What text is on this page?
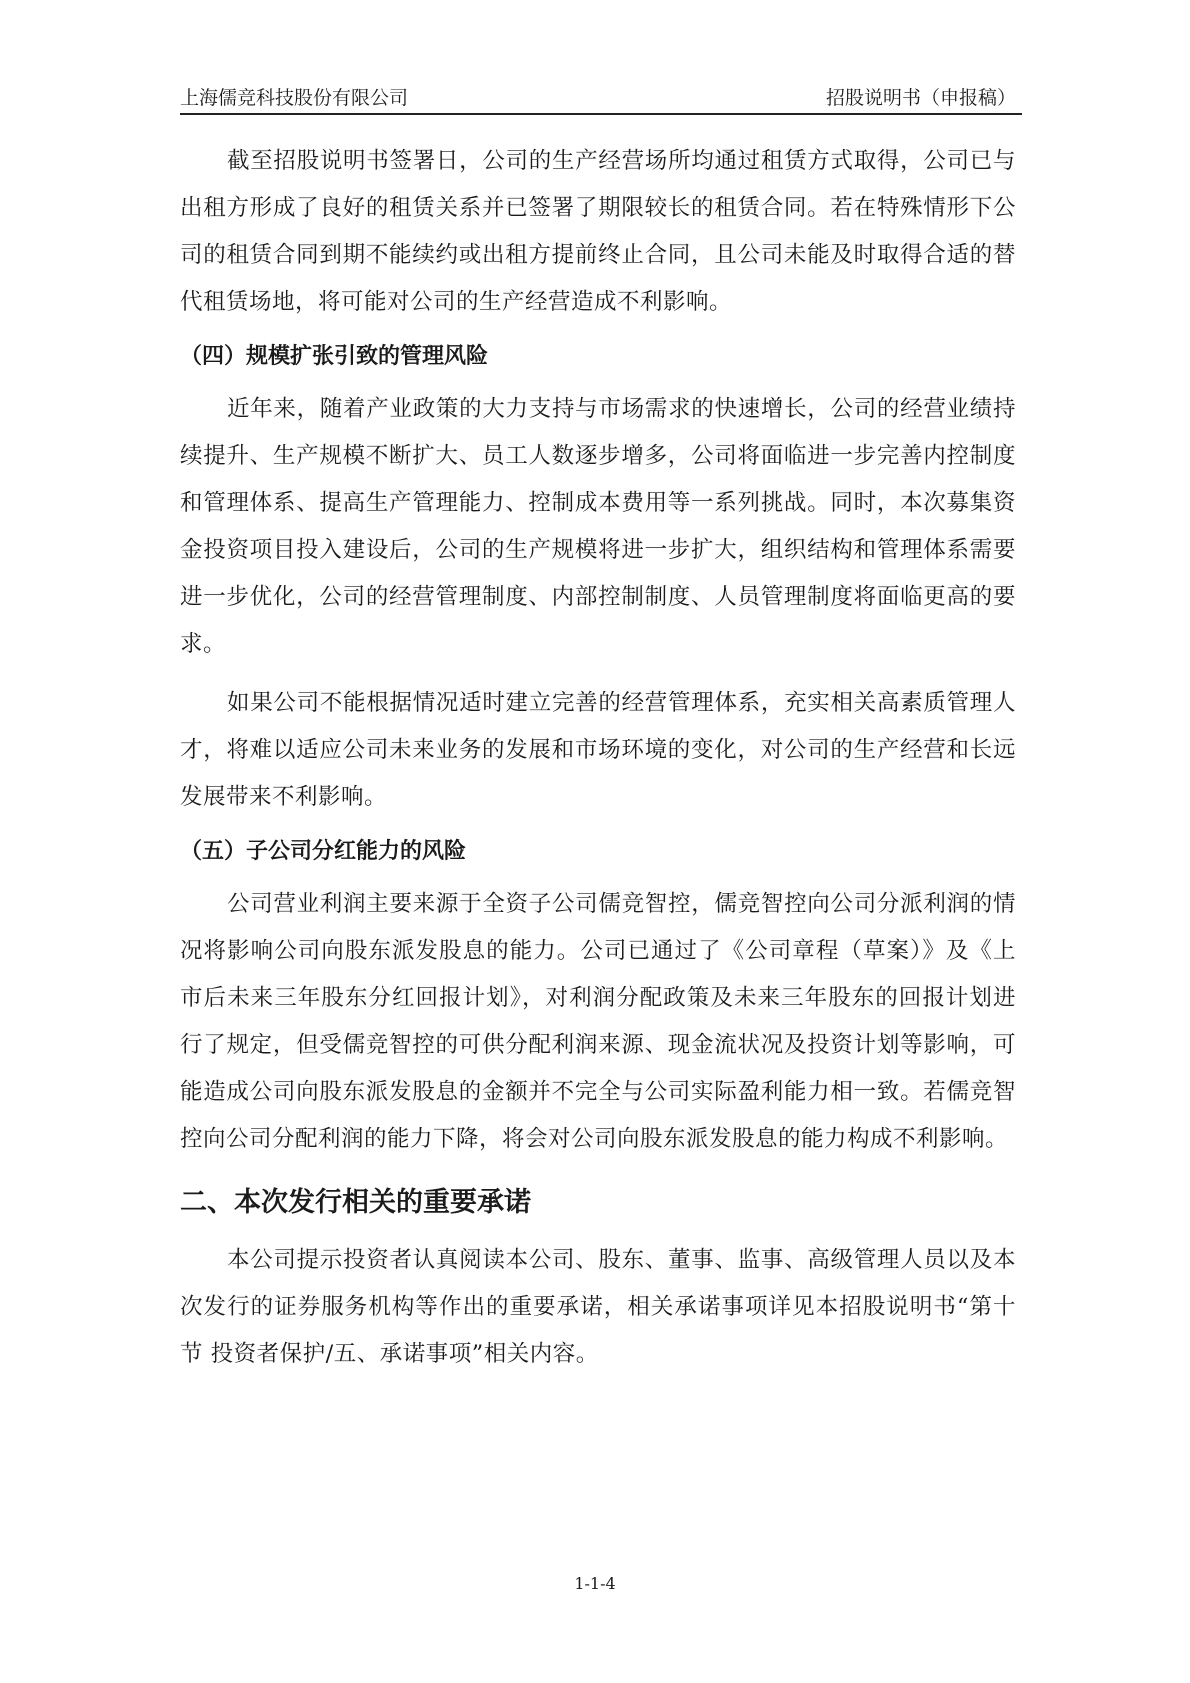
上海儒竞科技股份有限公司	招股说明书（申报稿）

截至招股说明书签署日，公司的生产经营场所均通过租赁方式取得，公司已与出租方形成了良好的租赁关系并已签署了期限较长的租赁合同。若在特殊情形下公司的租赁合同到期不能续约或出租方提前终止合同，且公司未能及时取得合适的替代租赁场地，将可能对公司的生产经营造成不利影响。

（四）规模扩张引致的管理风险

近年来，随着产业政策的大力支持与市场需求的快速增长，公司的经营业绩持续提升、生产规模不断扩大、员工人数逐步增多，公司将面临进一步完善内控制度和管理体系、提高生产管理能力、控制成本费用等一系列挑战。同时，本次募集资金投资项目投入建设后，公司的生产规模将进一步扩大，组织结构和管理体系需要进一步优化，公司的经营管理制度、内部控制制度、人员管理制度将面临更高的要求。

如果公司不能根据情况适时建立完善的经营管理体系，充实相关高素质管理人才，将难以适应公司未来业务的发展和市场环境的变化，对公司的生产经营和长远发展带来不利影响。

（五）子公司分红能力的风险

公司营业利润主要来源于全资子公司儒竞智控，儒竞智控向公司分派利润的情况将影响公司向股东派发股息的能力。公司已通过了《公司章程（草案）》及《上市后未来三年股东分红回报计划》，对利润分配政策及未来三年股东的回报计划进行了规定，但受儒竞智控的可供分配利润来源、现金流状况及投资计划等影响，可能造成公司向股东派发股息的金额并不完全与公司实际盈利能力相一致。若儒竞智控向公司分配利润的能力下降，将会对公司向股东派发股息的能力构成不利影响。

二、本次发行相关的重要承诺

本公司提示投资者认真阅读本公司、股东、董事、监事、高级管理人员以及本次发行的证券服务机构等作出的重要承诺，相关承诺事项详见本招股说明书“第十节 投资者保护/五、承诺事项”相关内容。

1-1-4
